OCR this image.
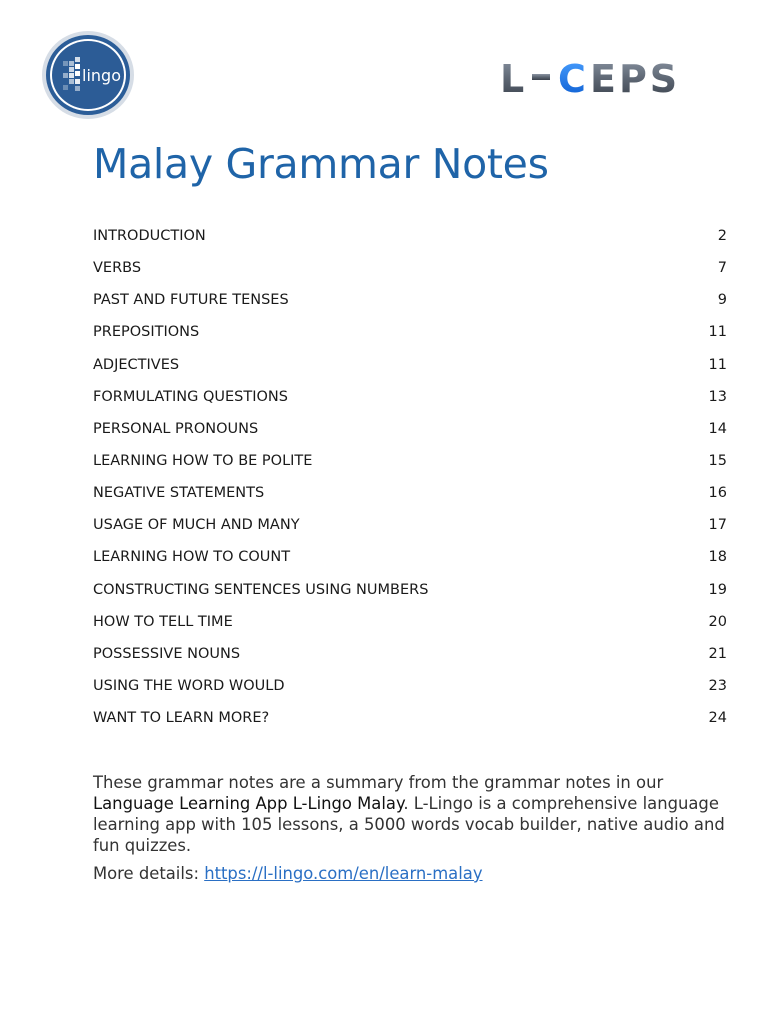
lingo	L C EPS
Malay Grammar Notes
INTRODUCTION	2
VERBS	7
PAST AND FUTURE TENSES	9
PREPOSITIONS	11
ADJECTIVES	11
FORMULATING QUESTIONS	13
PERSONAL PRONOUNS	14
LEARNING HOW TO BE POLITE	15
NEGATIVE STATEMENTS	16
USAGE OF MUCH AND MANY	17
LEARNING HOW TO COUNT	18
CONSTRUCTING SENTENCES USING NUMBERS	19
HOW TO TELL TIME	20
POSSESSIVE NOUNS	21
USING THE WORD WOULD	23
WANT TO LEARN MORE?	24
These grammar notes are a summary from the grammar notes in our Language Learning App L-Lingo Malay. L-Lingo is a comprehensive language learning app with 105 lessons, a 5000 words vocab builder, native audio and fun quizzes.
More details: https://l-lingo.com/en/learn-malay
